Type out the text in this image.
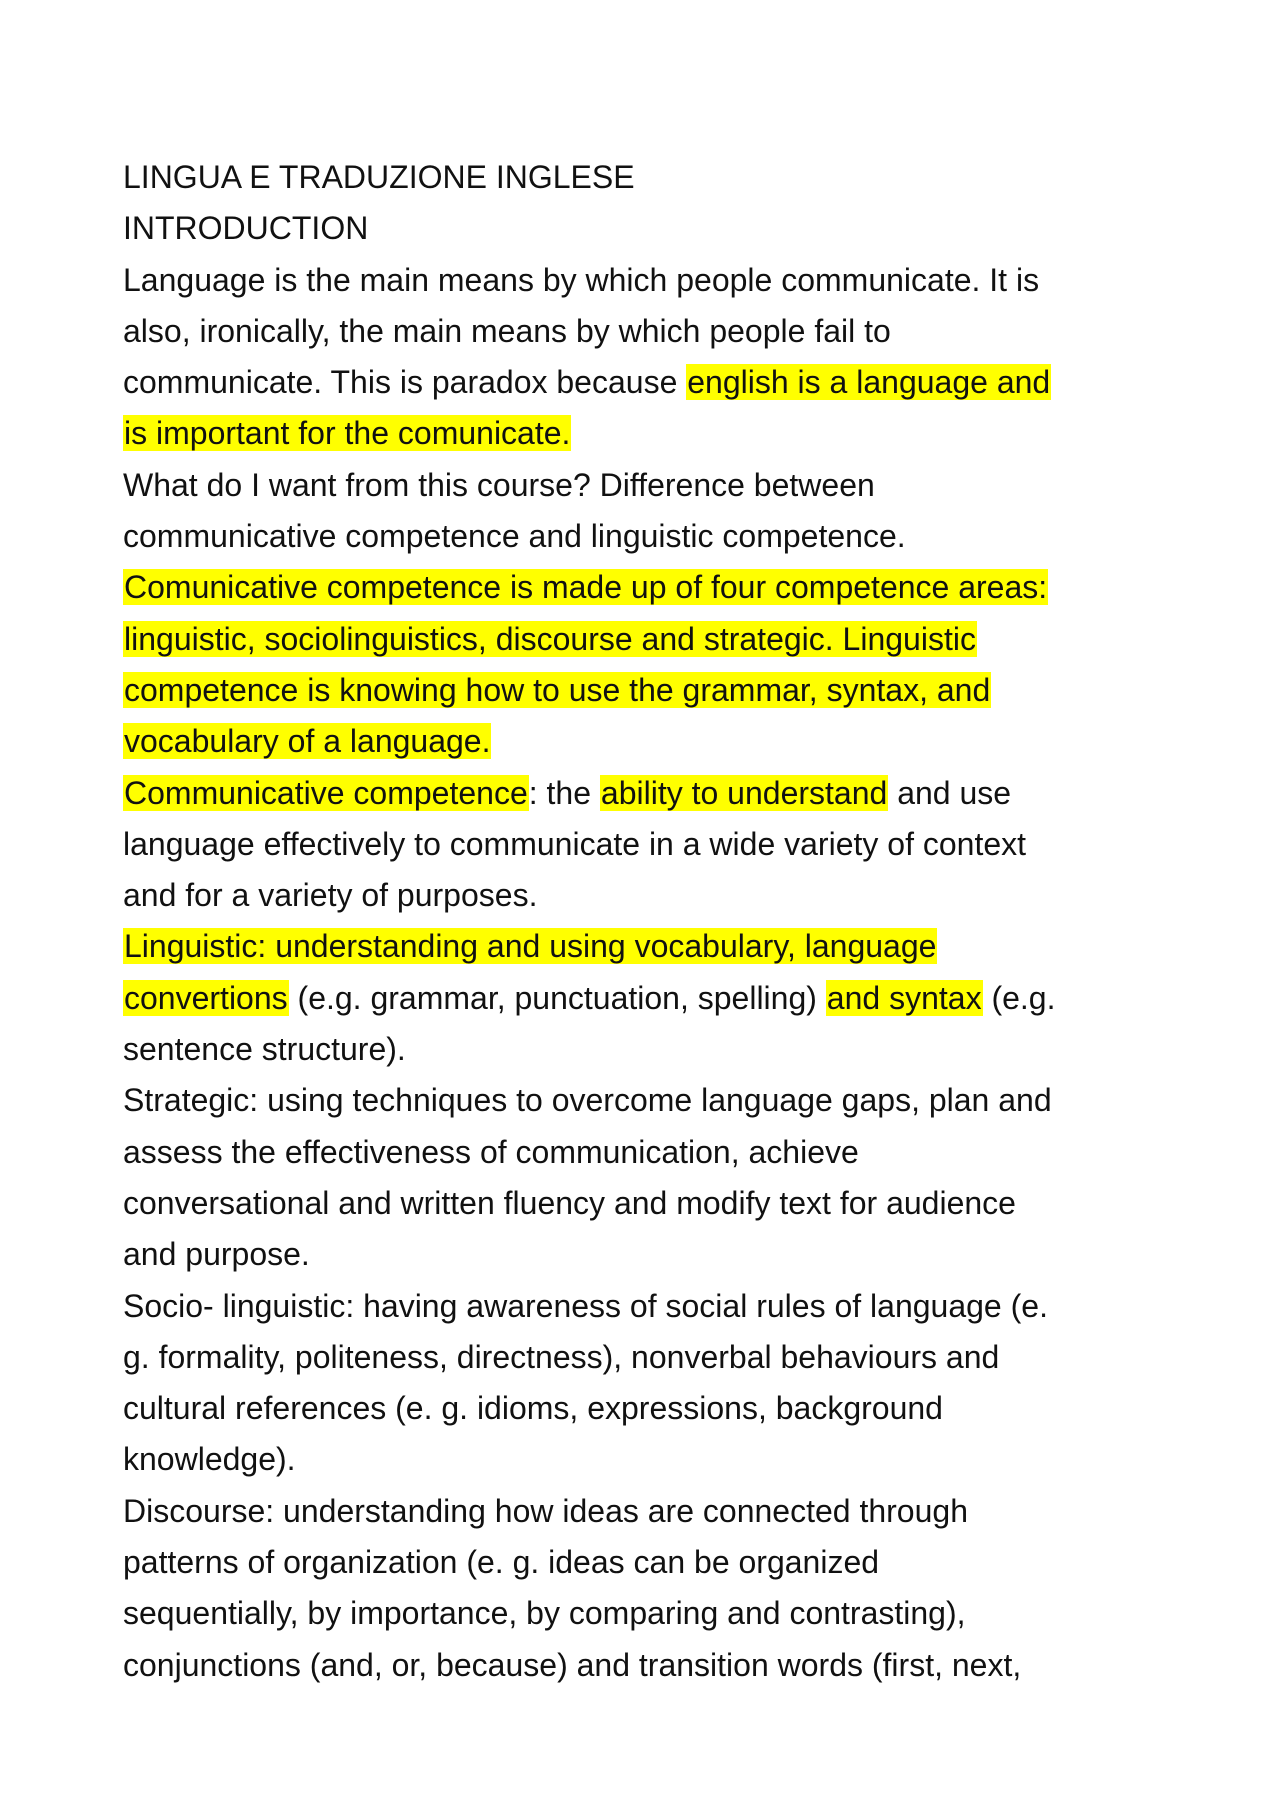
LINGUA E TRADUZIONE INGLESE
INTRODUCTION
Language is the main means by which people communicate. It is
also, ironically, the main means by which people fail to
communicate. This is paradox because english is a language and
is important for the comunicate.
What do I want from this course? Difference between
communicative competence and linguistic competence.
Comunicative competence is made up of four competence areas:
linguistic, sociolinguistics, discourse and strategic. Linguistic
competence is knowing how to use the grammar, syntax, and
vocabulary of a language.
Communicative competence: the ability to understand and use
language effectively to communicate in a wide variety of context
and for a variety of purposes.
Linguistic: understanding and using vocabulary, language
convertions (e.g. grammar, punctuation, spelling) and syntax (e.g.
sentence structure).
Strategic: using techniques to overcome language gaps, plan and
assess the effectiveness of communication, achieve
conversational and written fluency and modify text for audience
and purpose.
Socio- linguistic: having awareness of social rules of language (e.
g. formality, politeness, directness), nonverbal behaviours and
cultural references (e. g. idioms, expressions, background
knowledge).
Discourse: understanding how ideas are connected through
patterns of organization (e. g. ideas can be organized
sequentially, by importance, by comparing and contrasting),
conjunctions (and, or, because) and transition words (first, next,
